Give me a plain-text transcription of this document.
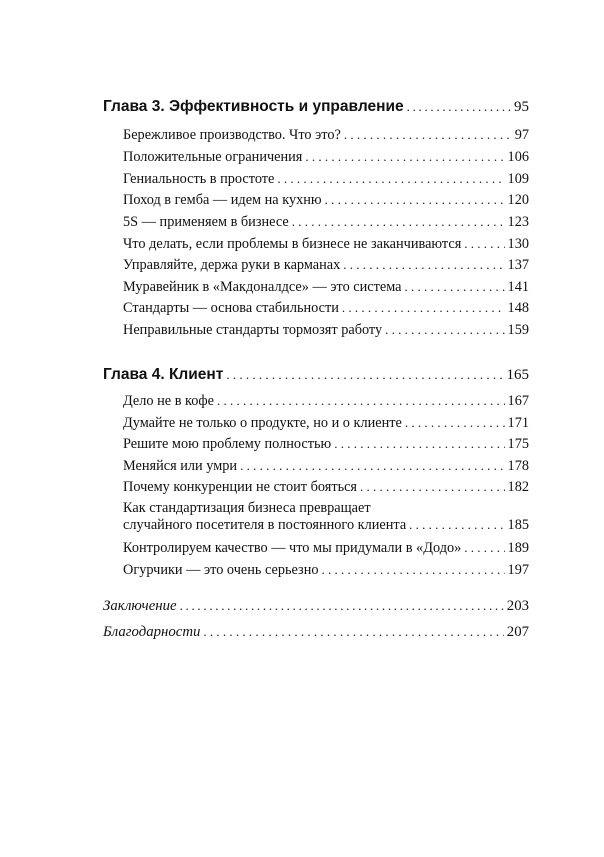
Глава 3. Эффективность и управление .....	95
Бережливое производство. Что это? . . .	97
Положительные ограничения . . .	106
Гениальность в простоте . . .	109
Поход в гемба — идем на кухню . . .	120
5S — применяем в бизнесе . . .	123
Что делать, если проблемы в бизнесе не заканчиваются . . .	130
Управляйте, держа руки в карманах . . .	137
Муравейник в «Макдоналдсе» — это система . . .	141
Стандарты — основа стабильности . . .	148
Неправильные стандарты тормозят работу . . .	159
Глава 4. Клиент . . .	165
Дело не в кофе . . .	167
Думайте не только о продукте, но и о клиенте . . .	171
Решите мою проблему полностью . . .	175
Меняйся или умри . . .	178
Почему конкуренции не стоит бояться . . .	182
Как стандартизация бизнеса превращает
случайного посетителя в постоянного клиента . . .	185
Контролируем качество — что мы придумали в «Додо» . . .	189
Огурчики — это очень серьезно . . .	197
Заключение .....	203
Благодарности . . .	207
